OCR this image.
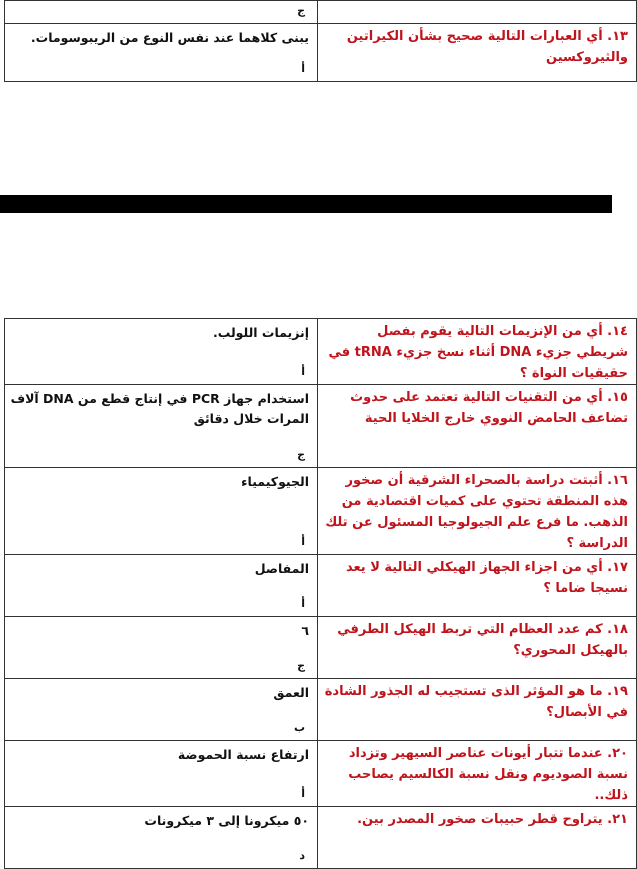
	ج

١٣. أي العبارات التالية صحيح بشأن الكيراتين والثيروكسين	يبنى كلاهما عند نفس النوع من الريبوسومات.
أ
١٤. أي من الإنزيمات التالية يقوم بفصل شريطي جزيء DNA أثناء نسخ جزيء tRNA في حقيقيات النواة ؟	إنزيمات اللولب.
أ

١٥. أي من التقنيات التالية تعتمد على حدوث تضاعف الحامض النووي خارج الخلايا الحية	استخدام جهاز PCR في إنتاج قطع من DNA آلاف المرات خلال دقائق
ج

١٦. أثبتت دراسة بالصحراء الشرقية أن صخور هذه المنطقة تحتوي على كميات اقتصادية من الذهب. ما فرع علم الجيولوجيا المسئول عن تلك الدراسة ؟	الجيوكيمياء
أ

١٧. أي من اجزاء الجهاز الهيكلي التالية لا يعد نسيجا ضاما ؟	المفاصل
أ

١٨. كم عدد العظام التي تربط الهيكل الطرفي بالهيكل المحوري؟	٦
ج

١٩. ما هو المؤثر الذى تستجيب له الجذور الشادة في الأبصال؟	العمق
ب

٢٠. عندما تتبار أيونات عناصر السيهير وتزداد نسبة الصوديوم ونقل نسبة الكالسيم يصاحب ذلك..	ارتفاع نسبة الحموضة
أ

٢١. يتراوح قطر حبيبات صخور المصدر بين.	٥٠ ميكرونا إلى ٣ ميكرونات
د
